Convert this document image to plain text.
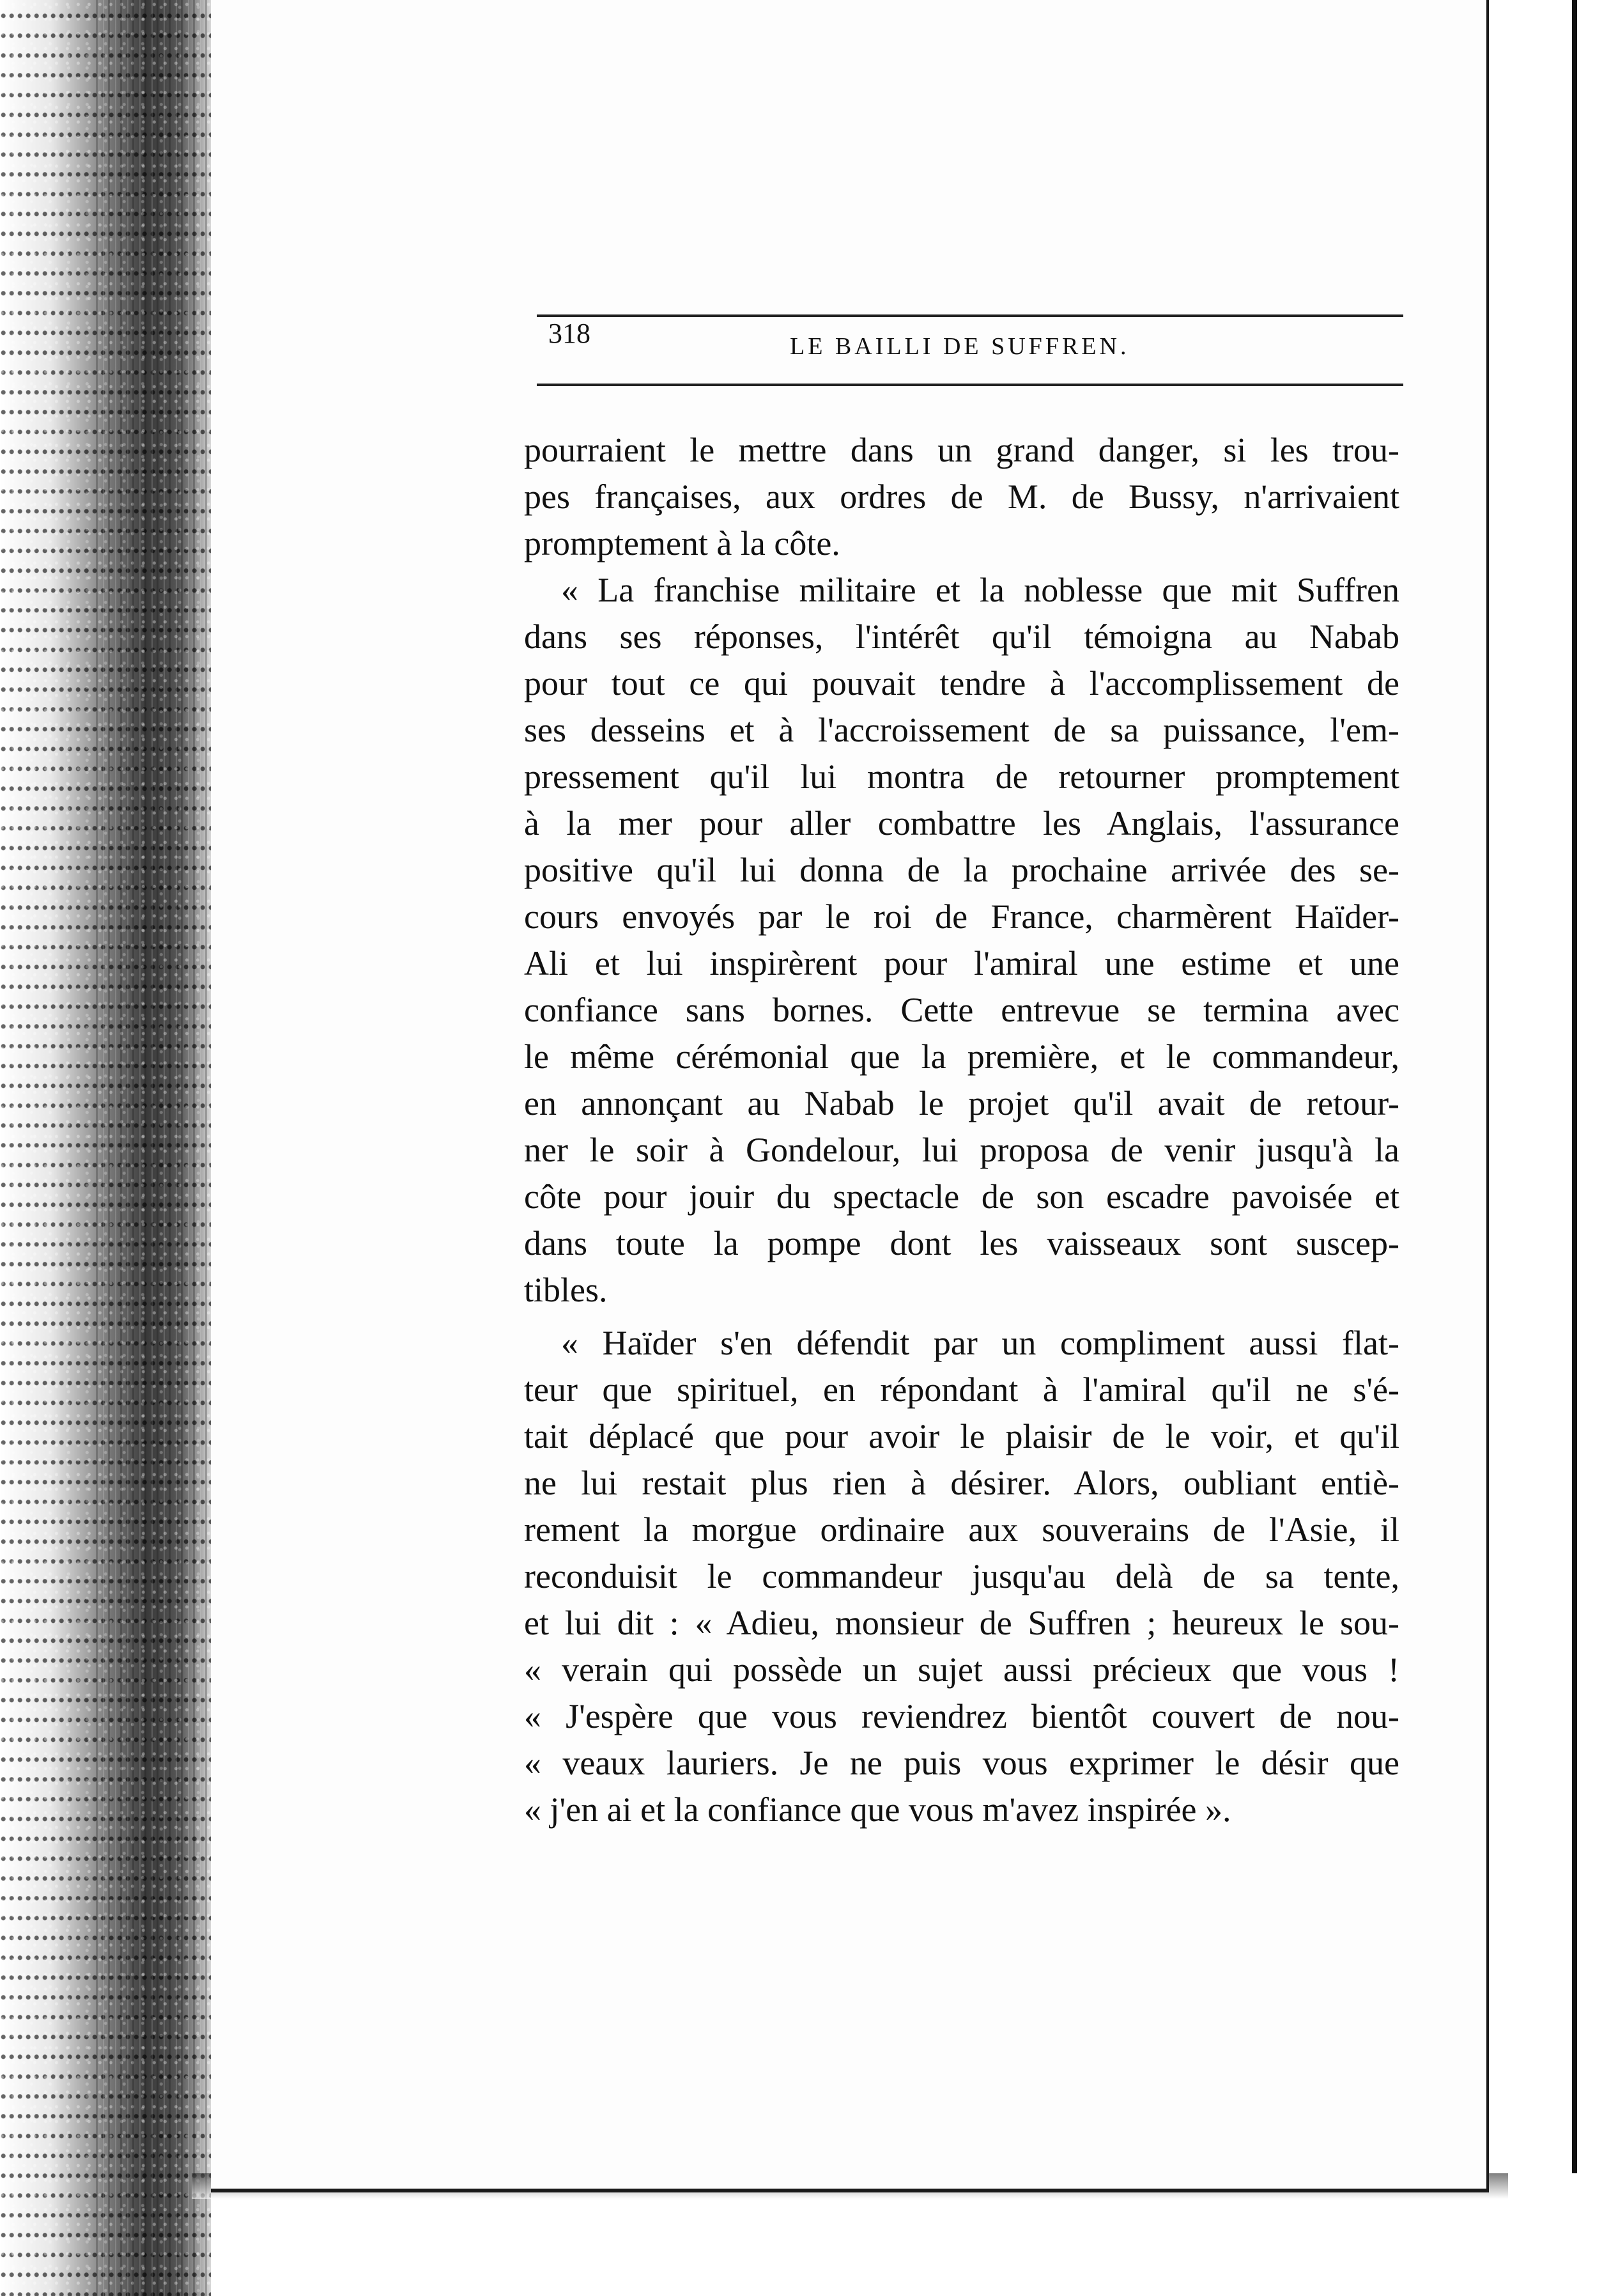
318	LE BAILLI DE SUFFREN.
pourraient le mettre dans un grand danger, si les trou-
pes françaises, aux ordres de M. de Bussy, n'arrivaient
promptement à la côte.
« La franchise militaire et la noblesse que mit Suffren
dans ses réponses, l'intérêt qu'il témoigna au Nabab
pour tout ce qui pouvait tendre à l'accomplissement de
ses desseins et à l'accroissement de sa puissance, l'em-
pressement qu'il lui montra de retourner promptement
à la mer pour aller combattre les Anglais, l'assurance
positive qu'il lui donna de la prochaine arrivée des se-
cours envoyés par le roi de France, charmèrent Haïder-
Ali et lui inspirèrent pour l'amiral une estime et une
confiance sans bornes. Cette entrevue se termina avec
le même cérémonial que la première, et le commandeur,
en annonçant au Nabab le projet qu'il avait de retour-
ner le soir à Gondelour, lui proposa de venir jusqu'à la
côte pour jouir du spectacle de son escadre pavoisée et
dans toute la pompe dont les vaisseaux sont suscep-
tibles.
« Haïder s'en défendit par un compliment aussi flat-
teur que spirituel, en répondant à l'amiral qu'il ne s'é-
tait déplacé que pour avoir le plaisir de le voir, et qu'il
ne lui restait plus rien à désirer. Alors, oubliant entiè-
rement la morgue ordinaire aux souverains de l'Asie, il
reconduisit le commandeur jusqu'au delà de sa tente,
et lui dit : « Adieu, monsieur de Suffren ; heureux le sou-
« verain qui possède un sujet aussi précieux que vous !
« J'espère que vous reviendrez bientôt couvert de nou-
« veaux lauriers. Je ne puis vous exprimer le désir que
« j'en ai et la confiance que vous m'avez inspirée ».
